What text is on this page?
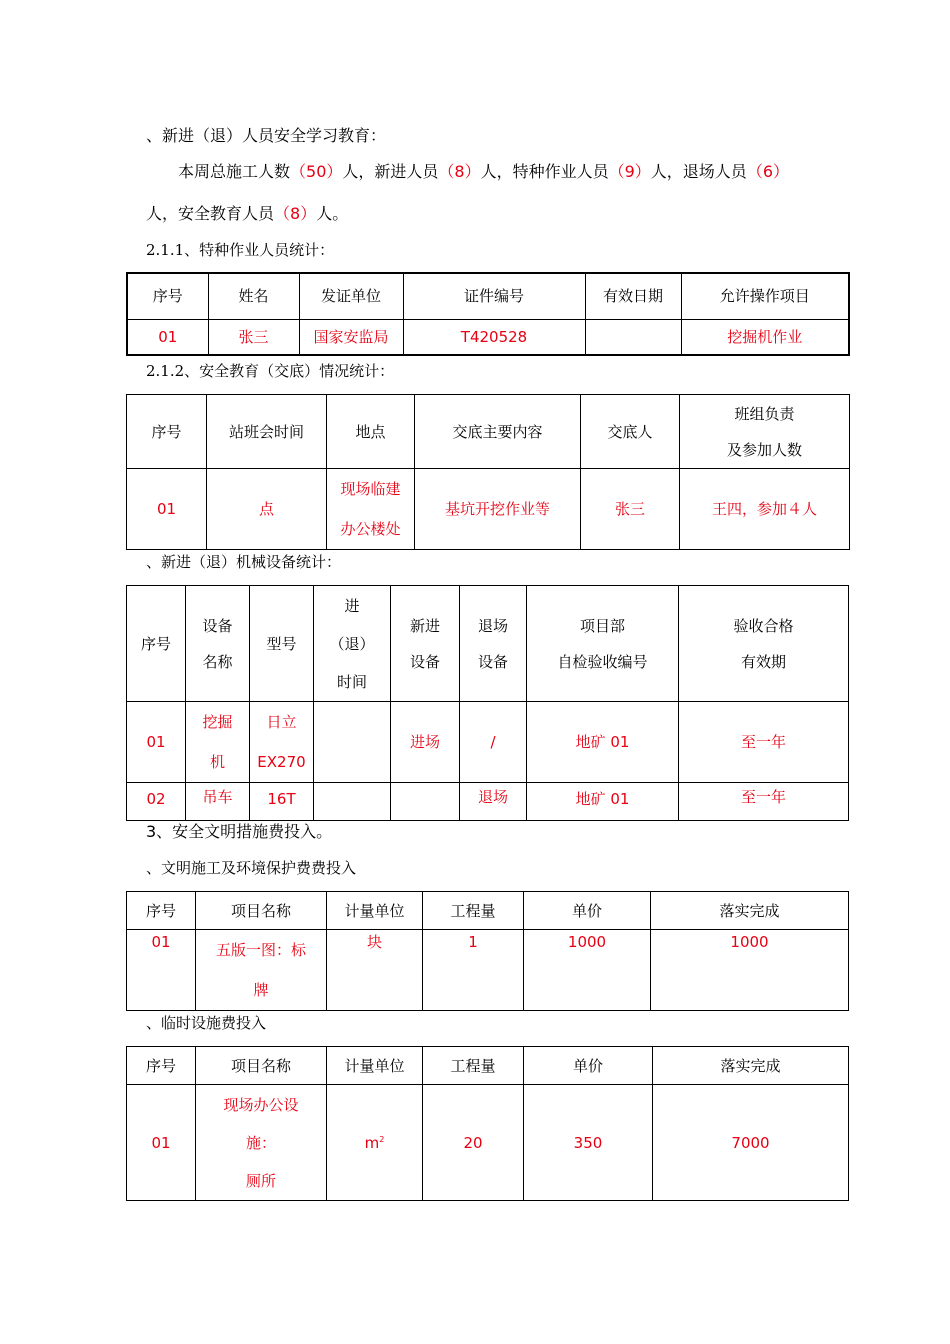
、新进（退）人员安全学习教育：
本周总施工人数（50）人，新进人员（8）人，特种作业人员（9）人，退场人员（6）
人，安全教育人员（8）人。
2.1.1、特种作业人员统计：
序号	姓名	发证单位	证件编号	有效日期	允许操作项目
01	张三	国家安监局	T420528		挖掘机作业
2.1.2、安全教育（交底）情况统计：
序号	站班会时间	地点	交底主要内容	交底人	班组负责
及参加人数

01	点	现场临建
办公楼处	基坑开挖作业等	张三	王四，参加４人
、新进（退）机械设备统计：
序号	设备
名称	型号	进
（退）
时间	新进
设备	退场
设备	项目部
自检验收编号	验收合格
有效期

01	挖掘
机	日立
EX270		进场	/	地矿 01	至一年
02	吊车	16T			退场	地矿 01	至一年
3、安全文明措施费投入。
、文明施工及环境保护费费投入
序号	项目名称	计量单位	工程量	单价	落实完成
01	五版一图：标
牌	块	1	1000	1000
、临时设施费投入
序号	项目名称	计量单位	工程量	单价	落实完成
01	现场办公设
施：
厕所	$m^2$	20	350	7000
